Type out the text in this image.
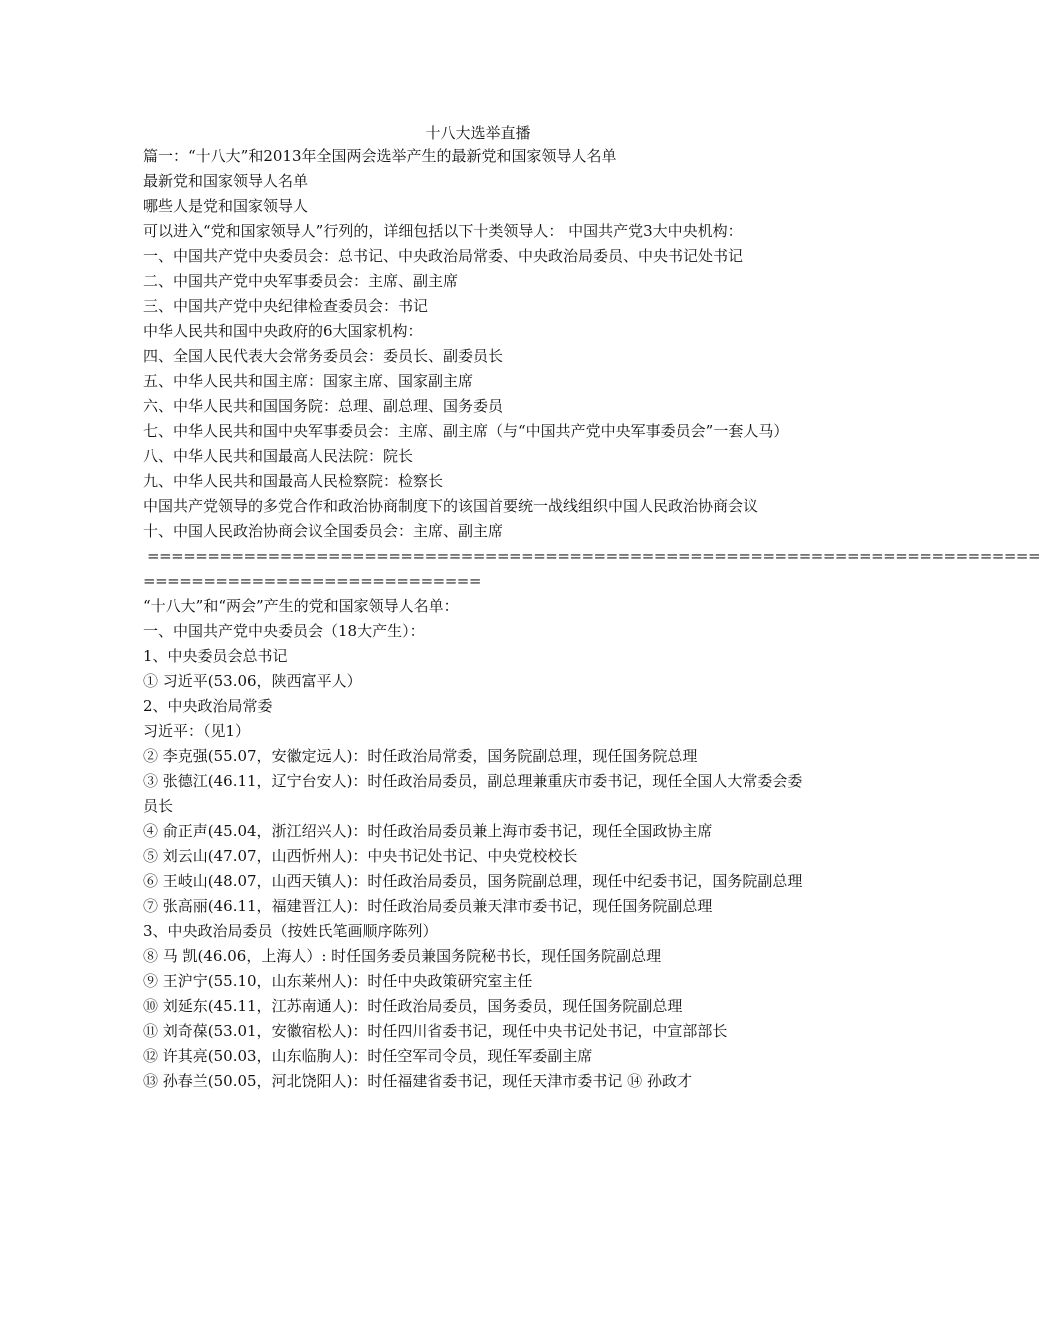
十八大选举直播
篇一：“十八大”和2013年全国两会选举产生的最新党和国家领导人名单
最新党和国家领导人名单
哪些人是党和国家领导人
可以进入“党和国家领导人”行列的，详细包括以下十类领导人： 中国共产党3大中央机构：
一、中国共产党中央委员会：总书记、中央政治局常委、中央政治局委员、中央书记处书记
二、中国共产党中央军事委员会：主席、副主席
三、中国共产党中央纪律检查委员会：书记
中华人民共和国中央政府的6大国家机构：
四、全国人民代表大会常务委员会：委员长、副委员长
五、中华人民共和国主席：国家主席、国家副主席
六、中华人民共和国国务院：总理、副总理、国务委员
七、中华人民共和国中央军事委员会：主席、副主席（与“中国共产党中央军事委员会”一套人马）
八、中华人民共和国最高人民法院：院长
九、中华人民共和国最高人民检察院：检察长
中国共产党领导的多党合作和政治协商制度下的该国首要统一战线组织中国人民政治协商会议
十、中国人民政治协商会议全国委员会：主席、副主席
==========================================================================
============================
“十八大”和“两会”产生的党和国家领导人名单：
一、中国共产党中央委员会（18大产生）：
1、中央委员会总书记
① 习近平(53.06，陕西富平人）
2、中央政治局常委
习近平：（见1）
② 李克强(55.07，安徽定远人)：时任政治局常委，国务院副总理，现任国务院总理
③ 张德江(46.11，辽宁台安人)：时任政治局委员，副总理兼重庆市委书记，现任全国人大常委会委员长
④ 俞正声(45.04，浙江绍兴人)：时任政治局委员兼上海市委书记，现任全国政协主席
⑤ 刘云山(47.07，山西忻州人)：中央书记处书记、中央党校校长
⑥ 王岐山(48.07，山西天镇人)：时任政治局委员，国务院副总理，现任中纪委书记，国务院副总理
⑦ 张高丽(46.11，福建晋江人)：时任政治局委员兼天津市委书记，现任国务院副总理
3、中央政治局委员（按姓氏笔画顺序陈列）
⑧ 马 凯(46.06，上海人）: 时任国务委员兼国务院秘书长，现任国务院副总理
⑨ 王沪宁(55.10，山东莱州人)：时任中央政策研究室主任
⑩ 刘延东(45.11，江苏南通人)：时任政治局委员，国务委员，现任国务院副总理
⑪ 刘奇葆(53.01，安徽宿松人)：时任四川省委书记，现任中央书记处书记，中宣部部长
⑫ 许其亮(50.03，山东临朐人)：时任空军司令员，现任军委副主席
⑬ 孙春兰(50.05，河北饶阳人)：时任福建省委书记，现任天津市委书记 ⑭ 孙政才
